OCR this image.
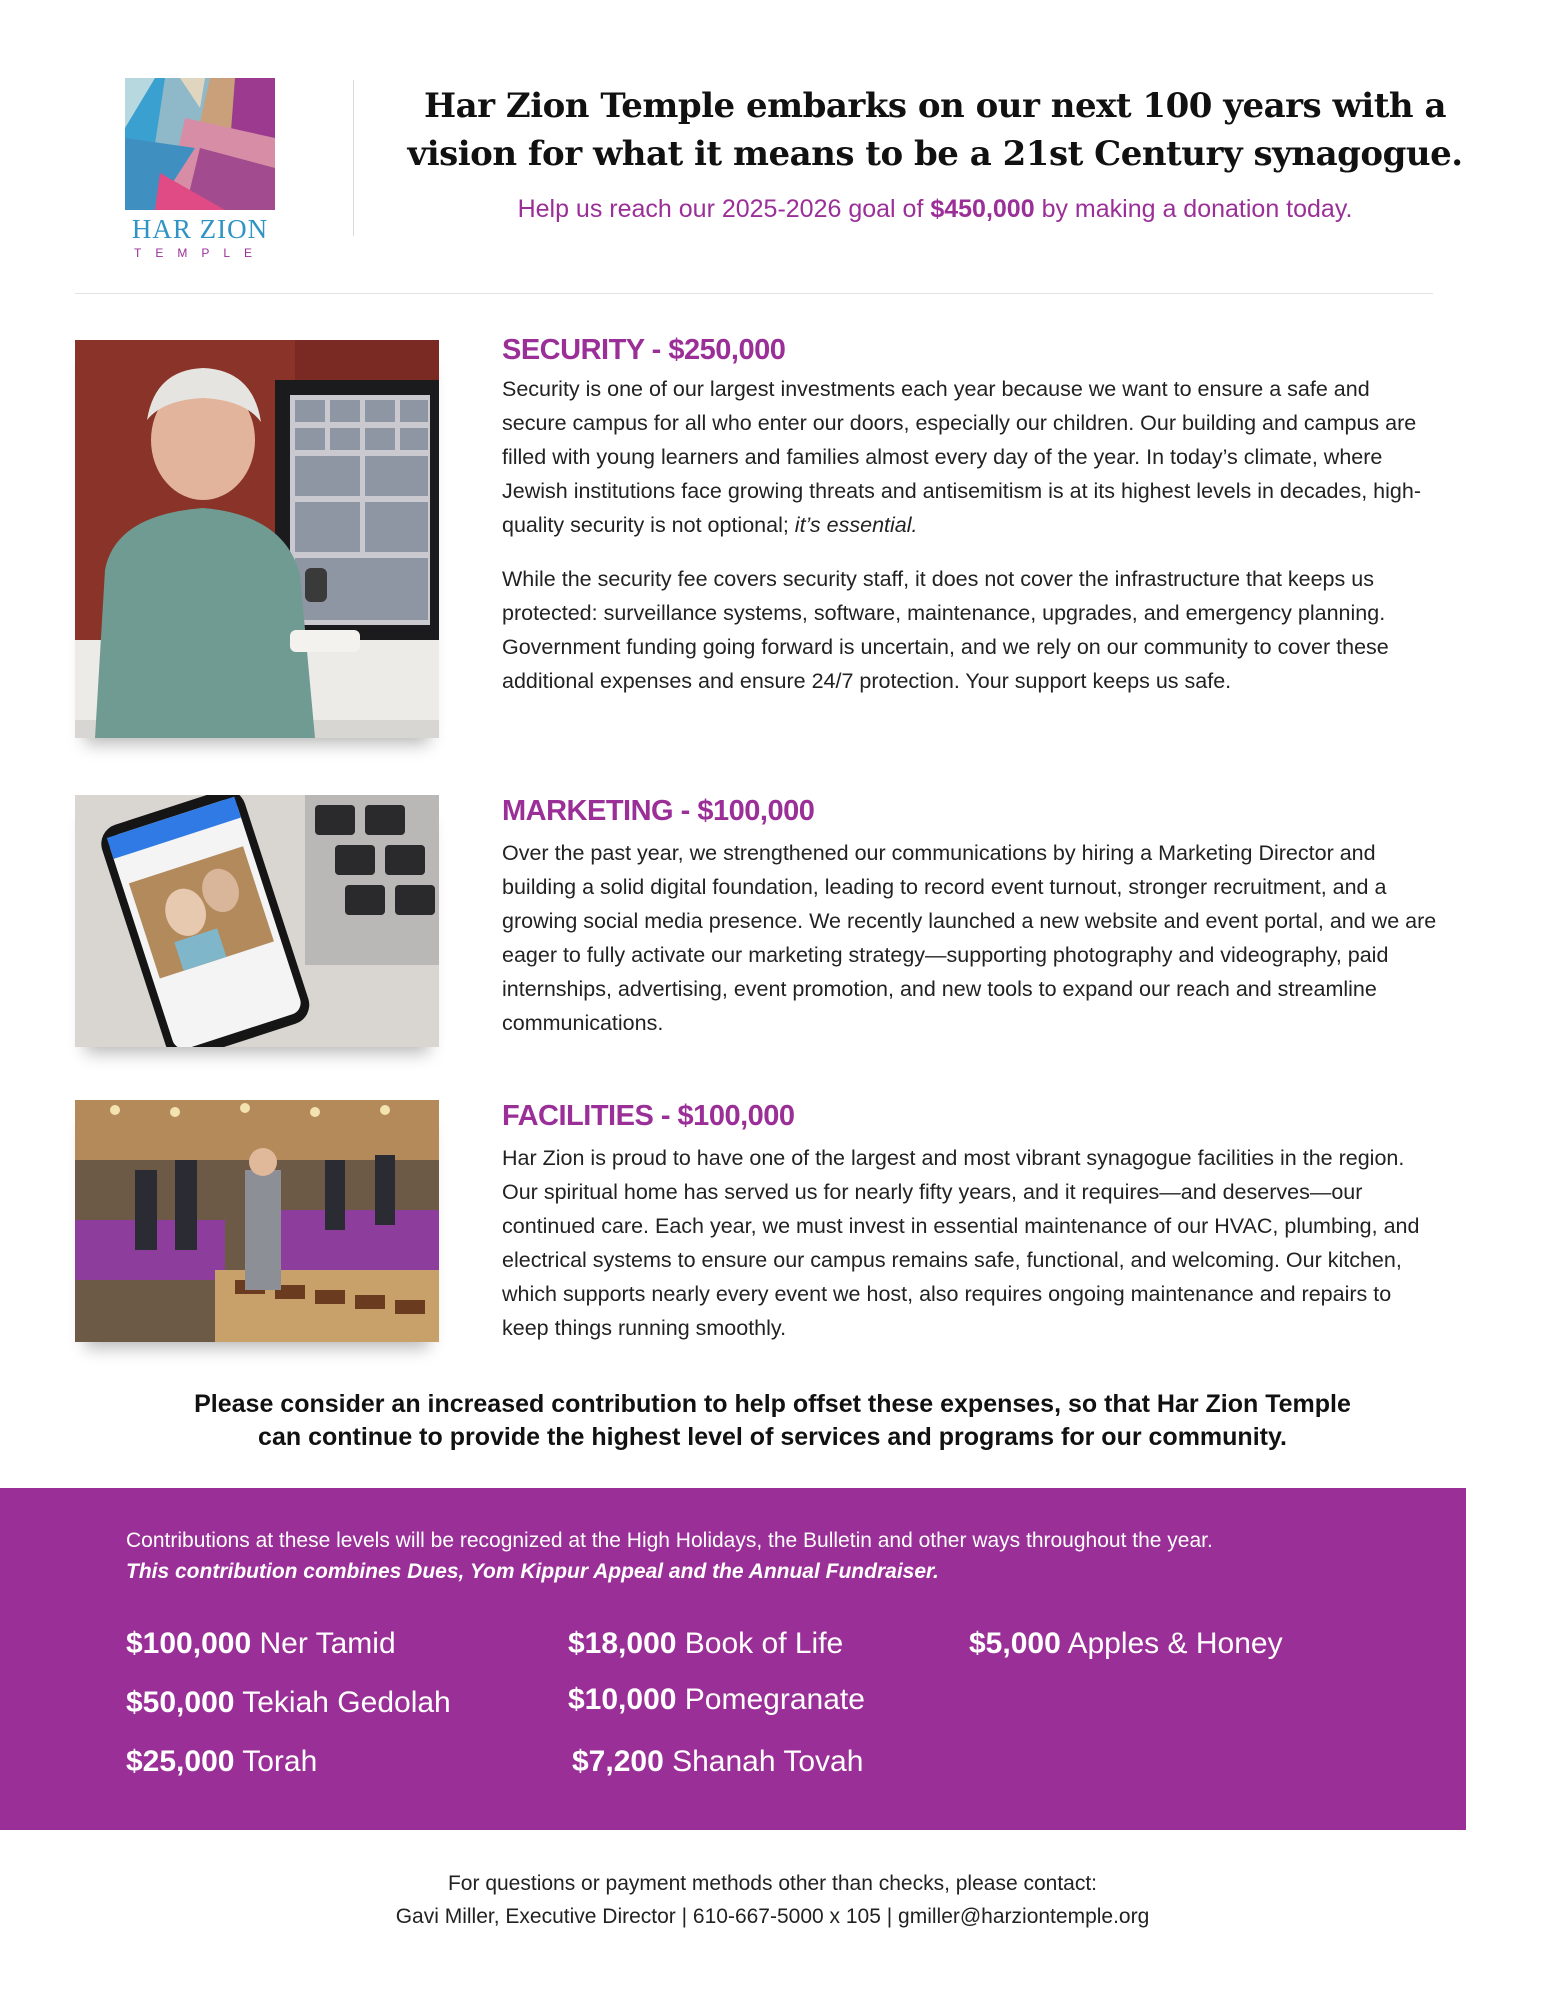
HAR ZION
TEMPLE
Har Zion Temple embarks on our next 100 years with a
vision for what it means to be a 21st Century synagogue.
Help us reach our 2025-2026 goal of $450,000 by making a donation today.
SECURITY - $250,000

Security is one of our largest investments each year because we want to ensure a safe and secure campus for all who enter our doors, especially our children. Our building and campus are filled with young learners and families almost every day of the year. In today’s climate, where Jewish institutions face growing threats and antisemitism is at its highest levels in decades, high-quality security is not optional; it’s essential.

While the security fee covers security staff, it does not cover the infrastructure that keeps us protected: surveillance systems, software, maintenance, upgrades, and emergency planning. Government funding going forward is uncertain, and we rely on our community to cover these additional expenses and ensure 24/7 protection. Your support keeps us safe.

MARKETING - $100,000

Over the past year, we strengthened our communications by hiring a Marketing Director and building a solid digital foundation, leading to record event turnout, stronger recruitment, and a growing social media presence. We recently launched a new website and event portal, and we are eager to fully activate our marketing strategy—supporting photography and videography, paid internships, advertising, event promotion, and new tools to expand our reach and streamline communications.

FACILITIES - $100,000

Har Zion is proud to have one of the largest and most vibrant synagogue facilities in the region. Our spiritual home has served us for nearly fifty years, and it requires—and deserves—our continued care. Each year, we must invest in essential maintenance of our HVAC, plumbing, and electrical systems to ensure our campus remains safe, functional, and welcoming. Our kitchen, which supports nearly every event we host, also requires ongoing maintenance and repairs to keep things running smoothly.

Please consider an increased contribution to help offset these expenses, so that Har Zion Temple
can continue to provide the highest level of services and programs for our community.
Contributions at these levels will be recognized at the High Holidays, the Bulletin and other ways throughout the year.
This contribution combines Dues, Yom Kippur Appeal and the Annual Fundraiser.
$100,000 Ner Tamid
$50,000 Tekiah Gedolah
$25,000 Torah
$18,000 Book of Life
$10,000 Pomegranate
$7,200 Shanah Tovah
$5,000 Apples & Honey
For questions or payment methods other than checks, please contact:
Gavi Miller, Executive Director | 610-667-5000 x 105 | gmiller@harziontemple.org
